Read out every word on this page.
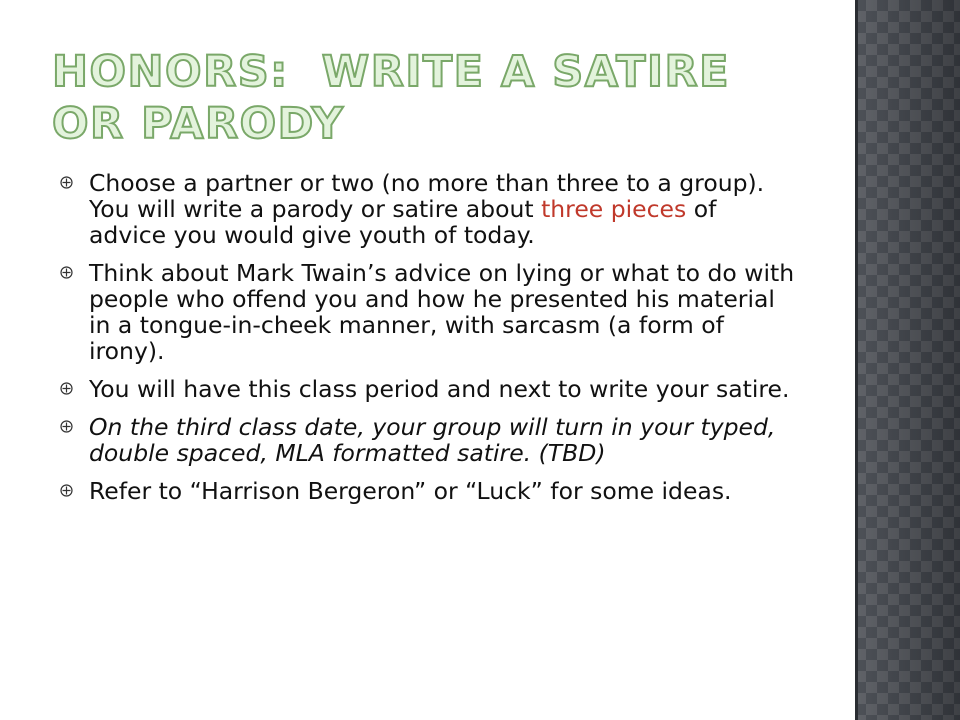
HONORS:  WRITE A SATIRE OR PARODY
Choose a partner or two (no more than three to a group). You will write a parody or satire about three pieces of advice you would give youth of today.
Think about Mark Twain’s advice on lying or what to do with people who offend you and how he presented his material in a tongue-in-cheek manner, with sarcasm (a form of irony).
You will have this class period and next to write your satire.
On the third class date, your group will turn in your typed, double spaced, MLA formatted satire. (TBD)
Refer to “Harrison Bergeron” or “Luck” for some ideas.
